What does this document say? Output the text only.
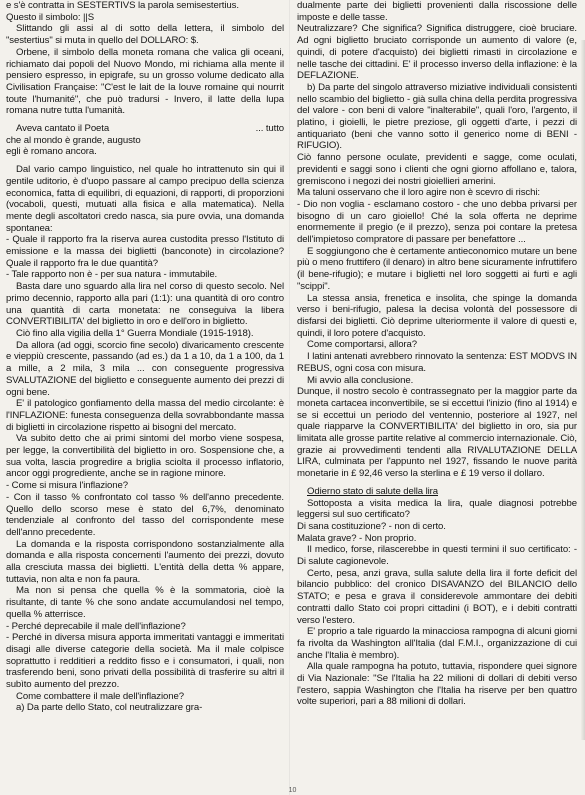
e s'è contratta in SESTERTIVS la parola semisestertius.

Questo il simbolo: ||S

Slittando gli assi al di sotto della lettera, il simbolo del "sestertius" si muta in quello del DOLLARO: $.

Orbene, il simbolo della moneta romana che valica gli oceani, richiamato dai popoli del Nuovo Mondo, mi richiama alla mente il pensiero espresso, in epigrafe, su un grosso volume dedicato alla Civilisation Française: "C'est le lait de la louve romaine qui nourrit toute l'humanité", che può tradursi - Invero, il latte della lupa romana nutre tutta l'umanità.

Aveva cantato il Poeta	... tutto

che al mondo è grande, augusto

egli è romano ancora.

Dal vario campo linguistico, nel quale ho intrattenuto sin qui il gentile uditorio, è d'uopo passare al campo precipuo della scienza economica, fatta di equilibri, di equazioni, di rapporti, di proporzioni (vocaboli, questi, mutuati alla fisica e alla matematica). Nella mente degli ascoltatori credo nasca, sia pure ovvia, una domanda spontanea:

- Quale il rapporto fra la riserva aurea custodita presso l'Istituto di emissione e la massa dei biglietti (banconote) in circolazione? Quale il rapporto fra le due quantità?

- Tale rapporto non è - per sua natura - immutabile.

Basta dare uno sguardo alla lira nel corso di questo secolo. Nel primo decennio, rapporto alla pari (1:1): una quantità di oro contro una quantità di carta monetata: ne conseguiva la libera CONVERTIBILITA' del biglietto in oro e dell'oro in biglietto.

Ciò fino alla vigilia della 1° Guerra Mondiale (1915-1918).

Da allora (ad oggi, scorcio fine secolo) divaricamento crescente e vieppiù crescente, passando (ad es.) da 1 a 10, da 1 a 100, da 1 a mille, a 2 mila, 3 mila ... con conseguente progressiva SVALUTAZIONE del biglietto e conseguente aumento dei prezzi di ogni bene.

E' il patologico gonfiamento della massa del medio circolante: è l'INFLAZIONE: funesta conseguenza della sovrabbondante massa di biglietti in circolazione rispetto ai bisogni del mercato.

Va subito detto che ai primi sintomi del morbo viene sospesa, per legge, la convertibilità del biglietto in oro. Sospensione che, a sua volta, lascia progredire a briglia sciolta il processo inflatorio, ancor oggi progrediente, anche se in ragione minore.

- Come si misura l'inflazione?

- Con il tasso % confrontato col tasso % dell'anno precedente. Quello dello scorso mese è stato del 6,7%, denominato tendenziale al confronto del tasso del corrispondente mese dell'anno precedente.

La domanda e la risposta corrispondono sostanzialmente alla domanda e alla risposta concernenti l'aumento dei prezzi, dovuto alla cresciuta massa dei biglietti. L'entità della detta % appare, tuttavia, non alta e non fa paura.

Ma non si pensa che quella % è la sommatoria, cioè la risultante, di tante % che sono andate accumulandosi nel tempo, quella % atterrisce.

- Perché deprecabile il male dell'inflazione?

- Perché in diversa misura apporta immeritati vantaggi e immeritati disagi alle diverse categorie della società. Ma il male colpisce soprattutto i redditieri a reddito fisso e i consumatori, i quali, non trasferendo beni, sono privati della possibilità di trasferire su altri il subìto aumento del prezzo.

Come combattere il male dell'inflazione?

a) Da parte dello Stato, col neutralizzare gra-

dualmente parte dei biglietti provenienti dalla riscossione delle imposte e delle tasse.

Neutralizzare? Che significa? Significa distruggere, cioè bruciare. Ad ogni biglietto bruciato corrisponde un aumento di valore (e, quindi, di potere d'acquisto) dei biglietti rimasti in circolazione e nelle tasche dei cittadini. E' il processo inverso della inflazione: è la DEFLAZIONE.

b) Da parte del singolo attraverso miziative individuali consistenti nello scambio del biglietto - già sulla china della perdita progressiva del valore - con beni di valore "inalterabile", quali l'oro, l'argento, il platino, i gioielli, le pietre preziose, gli oggetti d'arte, i pezzi di antiquariato (beni che vanno sotto il generico nome di BENI - RIFUGIO).

Ciò fanno persone oculate, previdenti e sagge, come oculati, previdenti e saggi sono i clienti che ogni giorno affollano e, talora, gremiscono i negozi dei nostri gioiellieri amerini.

Ma taluni osservano che il loro agire non è scevro di rischi:

- Dio non voglia - esclamano costoro - che uno debba privarsi per bisogno di un caro gioiello! Ché la sola offerta ne deprime enormemente il pregio (e il prezzo), senza poi contare la pretesa dell'impietoso compratore di passare per benefattore ...

E soggiungono che è certamente antieconomico mutare un bene più o meno fruttifero (il denaro) in altro bene sicuramente infruttifero (il bene-rifugio); e mutare i biglietti nel loro soggetti ai furti e agli "scippi".

La stessa ansia, frenetica e insolita, che spinge la domanda verso i beni-rifugio, palesa la decisa volontà del possessore di disfarsi dei biglietti. Ciò deprime ulteriormente il valore di questi e, quindi, il loro potere d'acquisto.

Come comportarsi, allora?

I latini antenati avrebbero rinnovato la sentenza: EST MODVS IN REBUS, ogni cosa con misura.

Mi avvio alla conclusione.

Dunque, il nostro secolo è contrassegnato per la maggior parte da moneta cartacea inconvertibile, se si eccettui l'inizio (fino al 1914) e se si eccettui un periodo del ventennio, posteriore al 1927, nel quale riapparve la CONVERTIBILITA' del biglietto in oro, sia pur limitata alle grosse partite relative al commercio internazionale. Ciò, grazie ai provvedimenti tendenti alla RIVALUTAZIONE DELLA LIRA, culminata per l'appunto nel 1927, fissando le nuove parità monetarie in £ 92,46 verso la sterlina e £ 19 verso il dollaro.

Odierno stato di salute della lira

Sottoposta a visita medica la lira, quale diagnosi potrebbe leggersi sul suo certificato?

Di sana costituzione? - non di certo.

Malata grave? - Non proprio.

Il medico, forse, rilascerebbe in questi termini il suo certificato: - Di salute cagionevole.

Certo, pesa, anzi grava, sulla salute della lira il forte deficit del bilancio pubblico: del cronico DISAVANZO del BILANCIO dello STATO; e pesa e grava il considerevole ammontare dei debiti contratti dallo Stato coi propri cittadini (i BOT), e i debiti contratti verso l'estero.

E' proprio a tale riguardo la minacciosa rampogna di alcuni giorni fa rivolta da Washington all'Italia (dal F.M.I., organizzazione di cui anche l'Italia è membro).

Alla quale rampogna ha potuto, tuttavia, rispondere quei signore di Via Nazionale: "Se l'Italia ha 22 milioni di dollari di debiti verso l'estero, sappia Washington che l'Italia ha riserve per ben quattro volte superiori, pari a 88 milioni di dollari.

10
